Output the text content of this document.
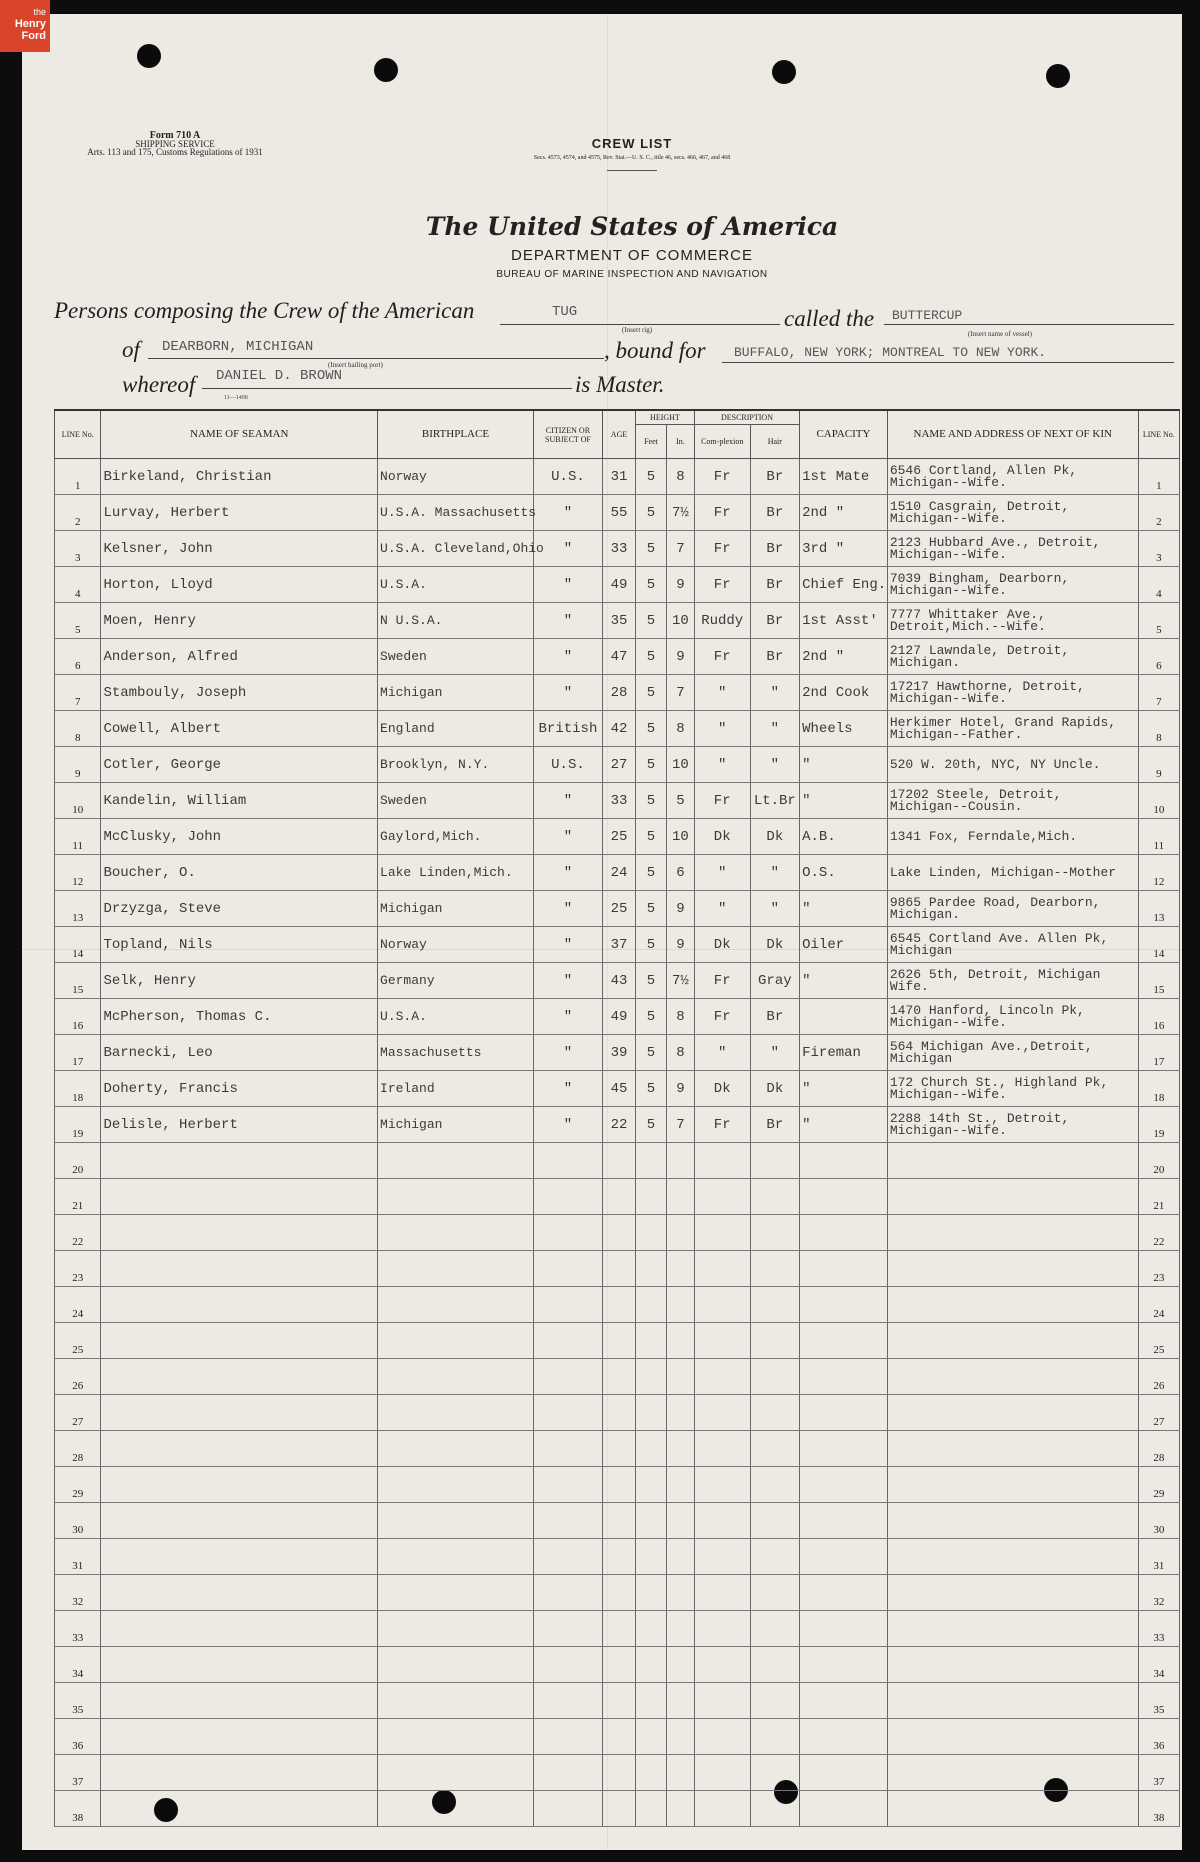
Form 710 A
SHIPPING SERVICE
Arts. 113 and 175, Customs Regulations of 1931
CREW LIST
Secs. 4573, 4574, and 4575, Rev. Stat.—U. S. C., title 46, secs. 466, 467, and 468
The United States of America
DEPARTMENT OF COMMERCE
BUREAU OF MARINE INSPECTION AND NAVIGATION
Persons composing the Crew of the American	TUG
(Insert rig)	called the BUTTERCUP
(Insert name of vessel)
of DEARBORN, MICHIGAN
(Insert hailing port)
, bound for BUFFALO, NEW YORK; MONTREAL TO NEW YORK.
whereof DANIEL D. BROWN	is Master.
11—1408
LINE No.	NAME OF SEAMAN	BIRTHPLACE	CITIZEN OR SUBJECT OF	AGE	HEIGHT		DESCRIPTION		CAPACITY	NAME AND ADDRESS OF NEXT OF KIN	LINE No.
					Feet	In.	Com-plexion	Hair			
1	Birkeland, Christian	Norway	U.S.	31	5	8	Fr	Br	1st Mate	6546 Cortland, Allen Pk, Michigan--Wife.	1
2	Lurvay, Herbert	U.S.A. Massachusetts	"	55	5	7½	Fr	Br	2nd "	1510 Casgrain, Detroit, Michigan--Wife.	2
3	Kelsner, John	U.S.A. Cleveland,Ohio	"	33	5	7	Fr	Br	3rd "	2123 Hubbard Ave., Detroit, Michigan--Wife.	3
4	Horton, Lloyd	U.S.A.	"	49	5	9	Fr	Br	Chief Eng.	7039 Bingham, Dearborn, Michigan--Wife.	4
5	Moen, Henry	N U.S.A.	"	35	5	10	Ruddy	Br	1st Asst'	7777 Whittaker Ave., Detroit,Mich.--Wife.	5
6	Anderson, Alfred	Sweden	"	47	5	9	Fr	Br	2nd "	2127 Lawndale, Detroit, Michigan.	6
7	Stambouly, Joseph	Michigan	"	28	5	7	"	"	2nd Cook	17217 Hawthorne, Detroit, Michigan--Wife.	7
8	Cowell, Albert	England	British	42	5	8	"	"	Wheels	Herkimer Hotel, Grand Rapids, Michigan--Father.	8
9	Cotler, George	Brooklyn, N.Y.	U.S.	27	5	10	"	"	"	520 W. 20th, NYC, NY Uncle.	9
10	Kandelin, William	Sweden	"	33	5	5	Fr	Lt.Br	"	17202 Steele, Detroit, Michigan--Cousin.	10
11	McClusky, John	Gaylord,Mich.	"	25	5	10	Dk	Dk	A.B.	1341 Fox, Ferndale,Mich.	11
12	Boucher, O.	Lake Linden,Mich.	"	24	5	6	"	"	O.S.	Lake Linden, Michigan--Mother	12
13	Drzyzga, Steve	Michigan	"	25	5	9	"	"	"	9865 Pardee Road, Dearborn, Michigan.	13
14	Topland, Nils	Norway	"	37	5	9	Dk	Dk	Oiler	6545 Cortland Ave. Allen Pk, Michigan	14
15	Selk, Henry	Germany	"	43	5	7½	Fr	Gray	"	2626 5th, Detroit, Michigan Wife.	15
16	McPherson, Thomas C.	U.S.A.	"	49	5	8	Fr	Br		1470 Hanford, Lincoln Pk, Michigan--Wife.	16
17	Barnecki, Leo	Massachusetts	"	39	5	8	"	"	Fireman	564 Michigan Ave.,Detroit, Michigan	17
18	Doherty, Francis	Ireland	"	45	5	9	Dk	Dk	"	172 Church St., Highland Pk, Michigan--Wife.	18
19	Delisle, Herbert	Michigan	"	22	5	7	Fr	Br	"	2288 14th St., Detroit, Michigan--Wife.	19
20											20
21											21
22											22
23											23
24											24
25											25
26											26
27											27
28											28
29											29
30											30
31											31
32											32
33											33
34											34
35											35
36											36
37											37
38											38
the
Henry
Ford
